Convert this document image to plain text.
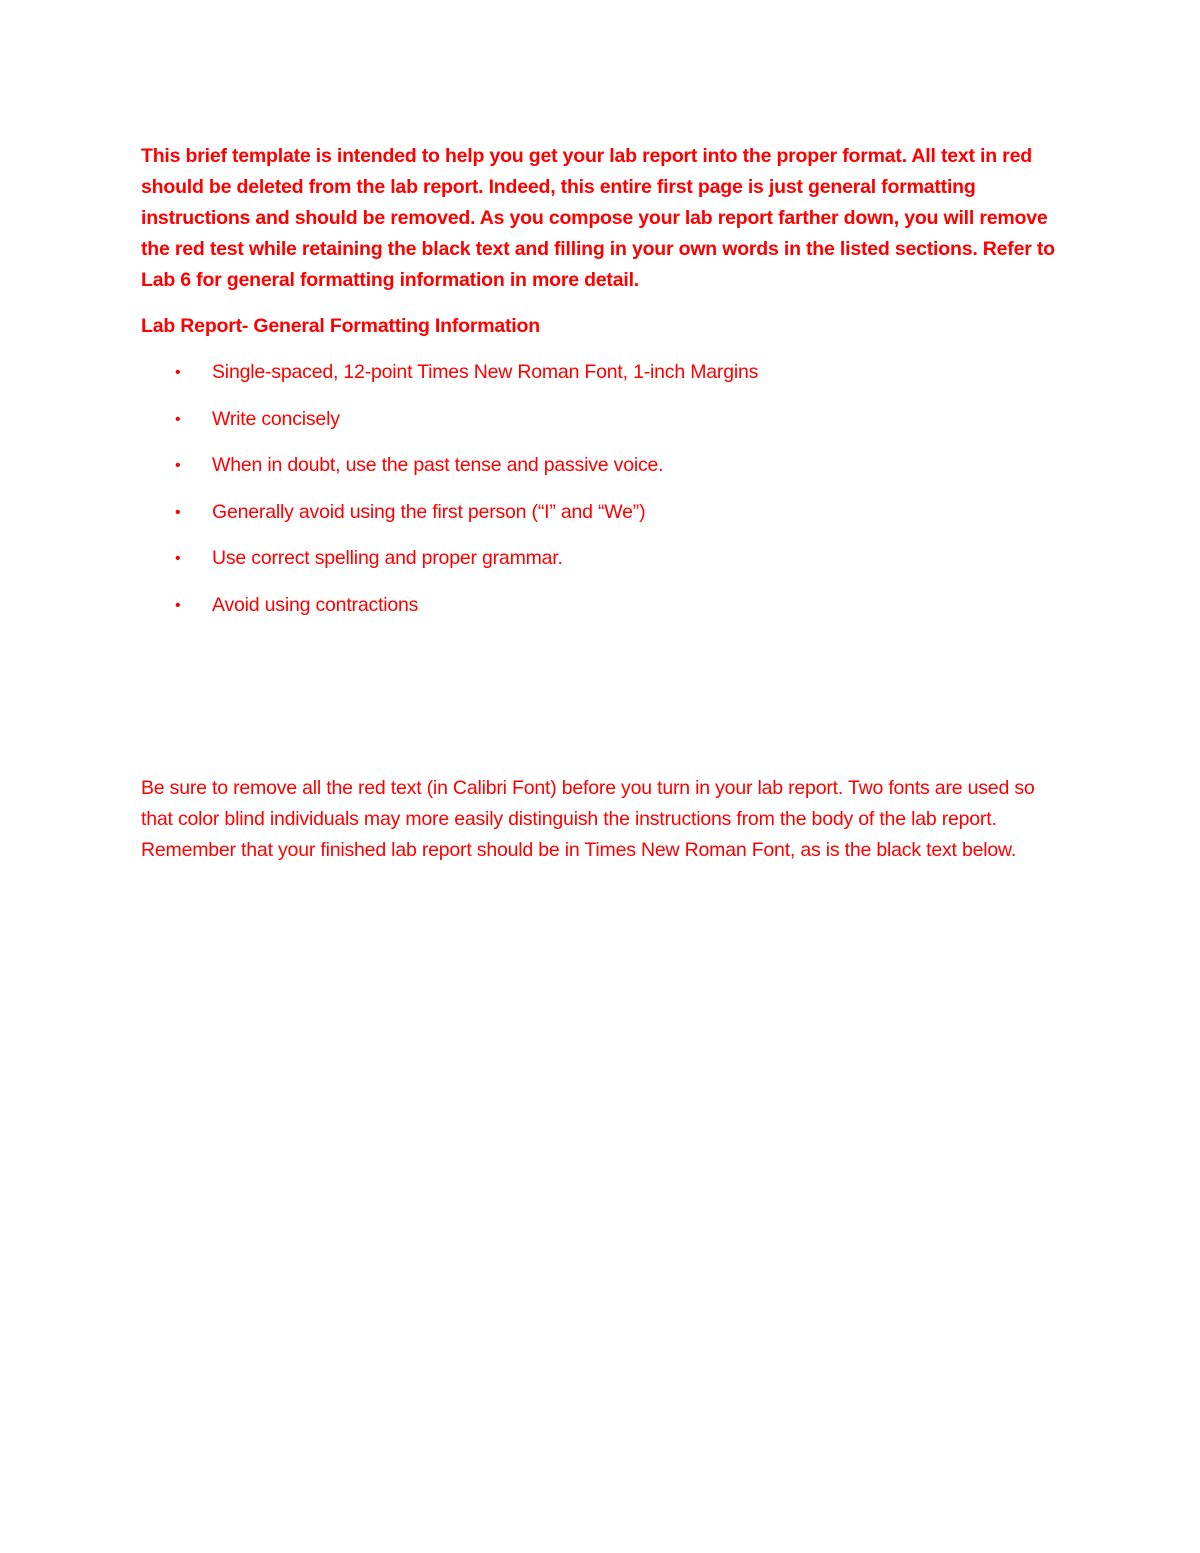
This brief template is intended to help you get your lab report into the proper format. All text in red should be deleted from the lab report. Indeed, this entire first page is just general formatting instructions and should be removed. As you compose your lab report farther down, you will remove the red test while retaining the black text and filling in your own words in the listed sections. Refer to Lab 6 for general formatting information in more detail.

Lab Report- General Formatting Information

• Single-spaced, 12-point Times New Roman Font, 1-inch Margins
• Write concisely
• When in doubt, use the past tense and passive voice.
• Generally avoid using the first person (“I” and “We”)
• Use correct spelling and proper grammar.
• Avoid using contractions

Be sure to remove all the red text (in Calibri Font) before you turn in your lab report. Two fonts are used so that color blind individuals may more easily distinguish the instructions from the body of the lab report. Remember that your finished lab report should be in Times New Roman Font, as is the black text below.
